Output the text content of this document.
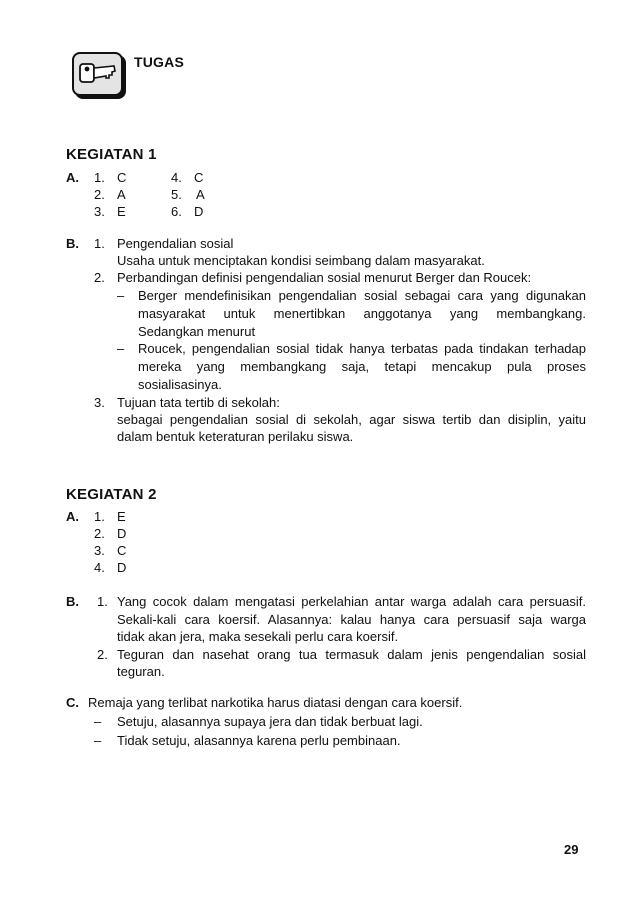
TUGAS
KEGIATAN 1
A. 1. C
2. A
3. E
4. C
5. A
6. D
B. 1. Pengendalian sosial
Usaha untuk menciptakan kondisi seimbang dalam masyarakat.
2. Perbandingan definisi pengendalian sosial menurut Berger dan Roucek:
– Berger mendefinisikan pengendalian sosial sebagai cara yang digunakan
masyarakat untuk menertibkan anggotanya yang membangkang.
Sedangkan menurut
– Roucek, pengendalian sosial tidak hanya terbatas pada tindakan terhadap
mereka yang membangkang saja, tetapi mencakup pula proses
sosialisasinya.
3. Tujuan tata tertib di sekolah:
sebagai pengendalian sosial di sekolah, agar siswa tertib dan disiplin, yaitu
dalam bentuk keteraturan perilaku siswa.
KEGIATAN 2
A. 1. E
2. D
3. C
4. D
B. 1. Yang cocok dalam mengatasi perkelahian antar warga adalah cara persuasif.
Sekali-kali cara koersif. Alasannya: kalau hanya cara persuasif saja warga
tidak akan jera, maka sesekali perlu cara koersif.
2. Teguran dan nasehat orang tua termasuk dalam jenis pengendalian sosial
teguran.
C. Remaja yang terlibat narkotika harus diatasi dengan cara koersif.
– Setuju, alasannya supaya jera dan tidak berbuat lagi.
– Tidak setuju, alasannya karena perlu pembinaan.
29
